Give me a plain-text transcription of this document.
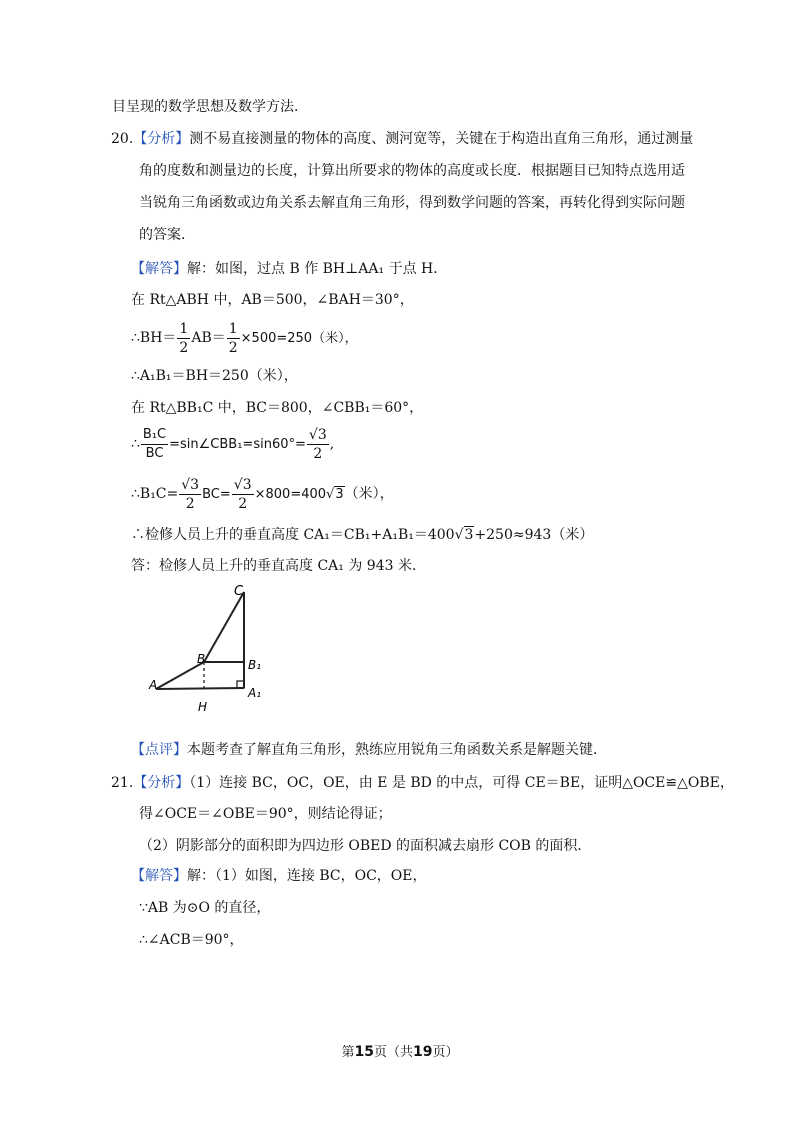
目呈现的数学思想及数学方法．
20.【分析】测不易直接测量的物体的高度、测河宽等，关键在于构造出直角三角形，通过测量
角的度数和测量边的长度，计算出所要求的物体的高度或长度．根据题目已知特点选用适
当锐角三角函数或边角关系去解直角三角形，得到数学问题的答案，再转化得到实际问题
的答案．
【解答】解：如图，过点 B 作 BH⊥AA₁ 于点 H．
在 Rt△ABH 中，AB＝500，∠BAH＝30°，
∴BH＝ $\frac{1}{2} AB= \frac{1}{2} \times 500=250$（米），
∴A₁B₁＝BH＝250（米），
在 Rt△BB₁C 中，BC＝800，∠CBB₁＝60°，
∴ $\frac{\text{B₁C}}{BC}$ =sin∠CBB₁=sin60°= $\frac{√3}{2}$ ,
∴B₁C= $\frac{√3}{2} BC= \frac{√3}{2} \times 800=400√3$（米），
∴检修人员上升的垂直高度 CA₁＝CB₁+A₁B₁＝400√3+250≈943（米）
答：检修人员上升的垂直高度 CA₁ 为 943 米．
C
B	B₁
A
A₁
H
【点评】本题考查了解直角三角形，熟练应用锐角三角函数关系是解题关键．
21.【分析】（1）连接 BC，OC，OE，由 E 是 BD 的中点，可得 CE＝BE，证明△OCE≌△OBE，
得∠OCE＝∠OBE＝90°，则结论得证；
（2）阴影部分的面积即为四边形 OBED 的面积减去扇形 COB 的面积．
【解答】解：（1）如图，连接 BC，OC，OE，
∵AB 为⊙O 的直径，
∴∠ACB＝90°，
第15页（共19页）
